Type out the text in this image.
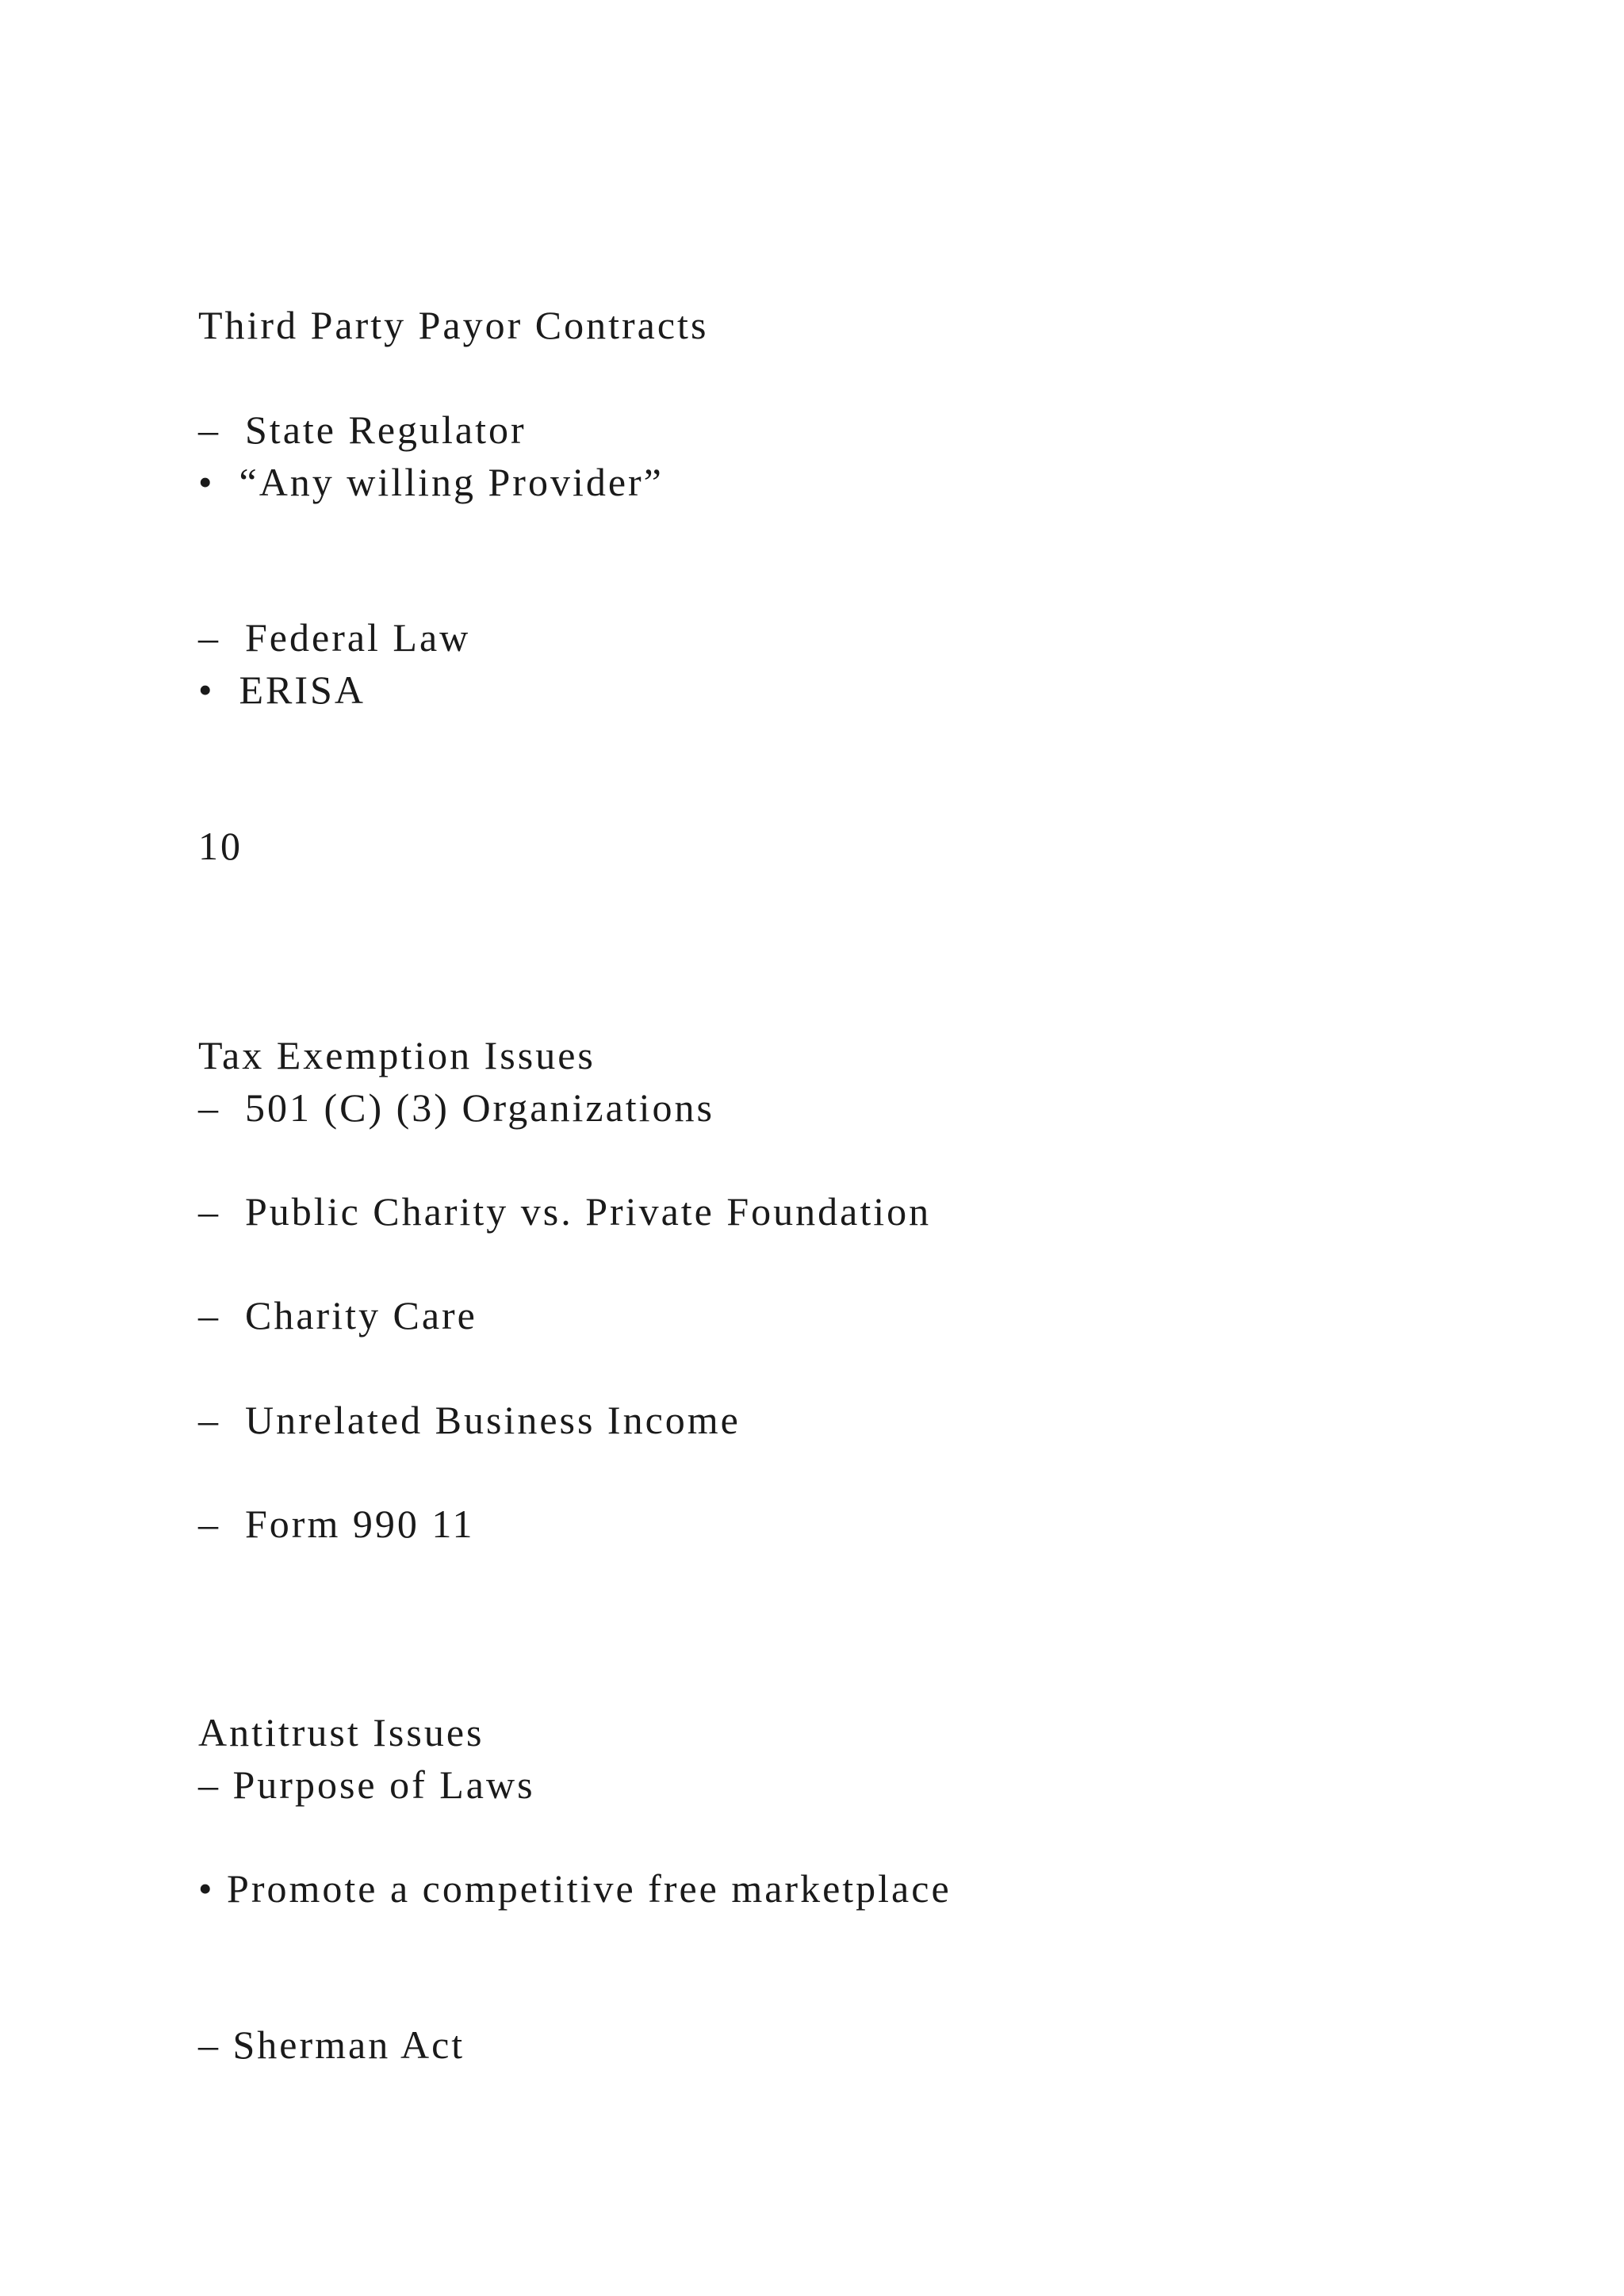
Third Party Payor Contracts
–  State Regulator
•  “Any willing Provider”
–  Federal Law
•  ERISA
10
Tax Exemption Issues
–  501 (C) (3) Organizations
–  Public Charity vs. Private Foundation
–  Charity Care
–  Unrelated Business Income
–  Form 990 11
Antitrust Issues
– Purpose of Laws
• Promote a competitive free marketplace
– Sherman Act
